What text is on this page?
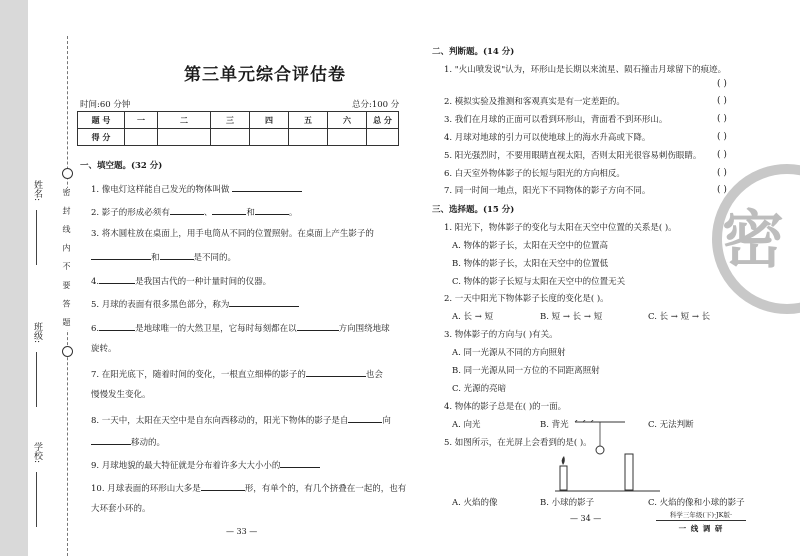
姓名:
班级:
学校:
密 封 线 内 不 要 答 题
第三单元综合评估卷
时间:60 分钟	总分:100 分
题 号	一	二	三	四	五	六	总 分
得 分							
一、填空题。(32 分)
1. 像电灯这样能自己发光的物体叫做
2. 影子的形成必须有	、	和	。
3. 将木圆柱放在桌面上，用手电筒从不同的位置照射。在桌面上产生影子的
和	是不同的。
4.	是我国古代的一种计量时间的仪器。
5. 月球的表面有很多黑色部分，称为
6.	是地球唯一的大然卫星，它每时每刻都在以	方向围绕地球
旋转。
7. 在阳光底下，随着时间的变化，一根直立细棒的影子的	也会
慢慢发生变化。
8. 一天中，太阳在天空中是自东向西移动的，阳光下物体的影子是自	向
移动的。
9. 月球地貌的最大特征就是分布着许多大大小小的
10. 月球表面的环形山大多是	形，有单个的，有几个挤叠在一起的，也有
大环套小环的。
— 33 —
密
二、判断题。(14 分)
1. "火山喷发说"认为，环形山是长期以来流星、陨石撞击月球留下的痕迹。
( )
2. 模拟实验及推测和客观真实是有一定差距的。	( )
3. 我们在月球的正面可以看到环形山，背面看不到环形山。	( )
4. 月球对地球的引力可以使地球上的海水升高或下降。	( )
5. 阳光强烈时，不要用眼睛直视太阳，否则太阳光很容易刺伤眼睛。 ( )
6. 白天室外物体影子的长短与阳光的方向相反。	( )
7. 同一时间一地点，阳光下不同物体的影子方向不同。	( )
三、选择题。(15 分)
1. 阳光下，物体影子的变化与太阳在天空中位置的关系是( )。
A. 物体的影子长，太阳在天空中的位置高
B. 物体的影子长，太阳在天空中的位置低
C. 物体的影子长短与太阳在天空中的位置无关
2. 一天中阳光下物体影子长度的变化是( )。
A. 长 → 短	B. 短 → 长 → 短	C. 长 → 短 → 长
3. 物体影子的方向与( )有关。
A. 同一光源从不同的方向照射
B. 同一光源从同一方位的不同距离照射
C. 光源的亮暗
4. 物体的影子总是在( )的一面。
A. 向光	B. 背光	C. 无法判断
5. 如图所示，在光屏上会看到的是( )。
A. 火焰的像	B. 小球的影子	C. 火焰的像和小球的影子
— 34 —	科学三年级(下)·JK版·
一 线 调 研
